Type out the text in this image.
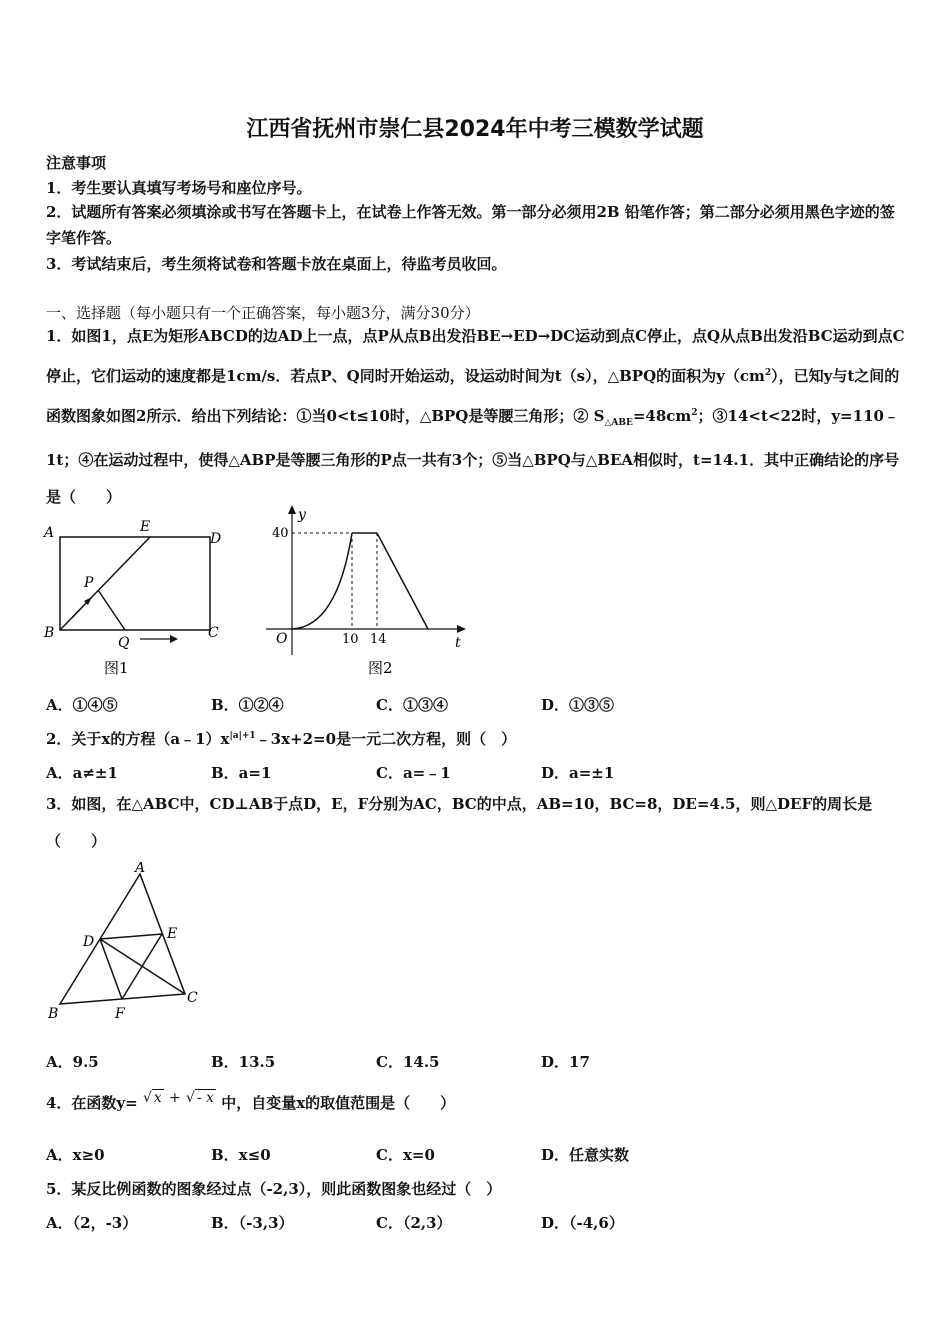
江西省抚州市崇仁县2024年中考三模数学试题
注意事项
1．考生要认真填写考场号和座位序号。
2．试题所有答案必须填涂或书写在答题卡上，在试卷上作答无效。第一部分必须用2B 铅笔作答；第二部分必须用黑色字迹的签字笔作答。
3．考试结束后，考生须将试卷和答题卡放在桌面上，待监考员收回。
一、选择题（每小题只有一个正确答案，每小题3分，满分30分）
1．如图1，点E为矩形ABCD的边AD上一点，点P从点B出发沿BE→ED→DC运动到点C停止，点Q从点B出发沿BC运动到点C停止，它们运动的速度都是1cm/s．若点P、Q同时开始运动，设运动时间为t（s），△BPQ的面积为$y(cm^2)$，已知y与t之间的函数图象如图2所示．给出下列结论：①当0<t≤10时，△BPQ是等腰三角形；② $S_{\triangle ABE}=48cm^2$；③14<t<22时，y=110﹣1t；④在运动过程中，使得△ABP是等腰三角形的P点一共有3个；⑤当△BPQ与△BEA相似时，t=14.1．其中正确结论的序号是（　　）
A	E
D
P
B
Q
C
图1
y
40
O	10 14	t
图2
A．①④⑤	B．①②④	C．①③④	D．①③⑤
2．关于x的方程$(a﹣1)x^{|a|+1}﹣3x+2=0$是一元二次方程，则（　）
A．a≠±1	B．a=1	C．a=﹣1	D．a=±1
3．如图，在△ABC中，CD⊥AB于点D，E，F分别为AC，BC的中点，AB=10，BC=8，DE=4.5，则△DEF的周长是（　　）
A
D	E
B	F
C
A．9.5	B．13.5	C．14.5	D．17
4．在函数y= √ x + √ - x 中，自变量x的取值范围是（　　）
A．x≥0	B．x≤0	C．x=0	D．任意实数
5．某反比例函数的图象经过点（-2,3），则此函数图象也经过（　）
A．（2，-3）	B．（-3,3）	C．（2,3）	D．（-4,6）
